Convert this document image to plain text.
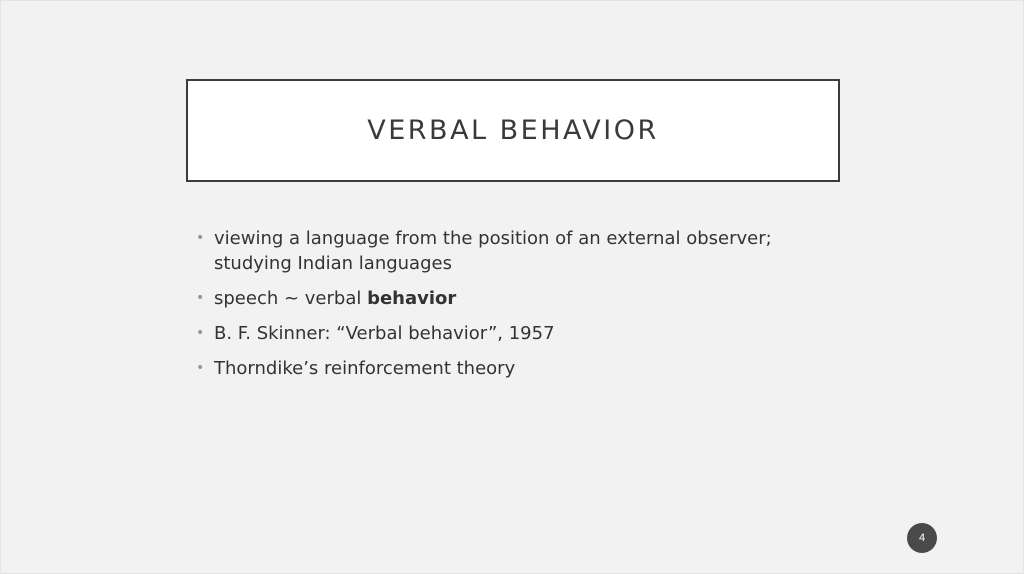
VERBAL BEHAVIOR
• viewing a language from the position of an external observer; studying Indian languages
• speech ~ verbal behavior
• B. F. Skinner: “Verbal behavior”, 1957
• Thorndike’s reinforcement theory
4
